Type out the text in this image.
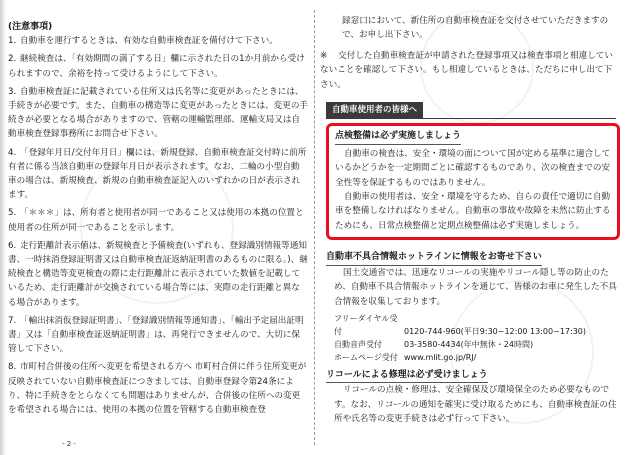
(注意事項)
1. 自動車を運行するときは、有効な自動車検査証を備付けて下さい。
2. 継続検査は、「有効期間の満了する日」欄に示された日の1か月前から受けられますので、余裕を持って受けるようにして下さい。
3. 自動車検査証に記載されている住所又は氏名等に変更があったときには、手続きが必要です。また、自動車の構造等に変更があったときには、変更の手続きが必要となる場合がありますので、管轄の運輸監理部、運輸支局又は自動車検査登録事務所にお問合せ下さい。
4. 「登録年月日/交付年月日」欄には、新規登録、自動車検査証交付時に前所有者に係る当該自動車の登録年月日が表示されます。なお、二輪の小型自動車の場合は、新規検査、新規の自動車検査証記入のいずれかの日が表示されます。
5. 「＊＊＊」は、所有者と使用者が同一であること又は使用の本拠の位置と使用者の住所が同一であることを示します。
6. 走行距離計表示値は、新規検査と予備検査(いずれも、登録識別情報等通知書、一時抹消登録証明書又は自動車検査証返納証明書のあるものに限る。)、継続検査と構造等変更検査の際に走行距離計に表示されていた数値を記載しているため、走行距離計が交換されている場合等には、実際の走行距離と異なる場合があります。
7. 「輸出抹消仮登録証明書」、「登録識別情報等通知書」、「輸出予定届出証明書」又は「自動車検査証返納証明書」は、再発行できませんので、大切に保管して下さい。
8. 市町村合併後の住所へ変更を希望される方へ 市町村合併に伴う住所変更が反映されていない自動車検査証につきましては、自動車登録令第24条により、特に手続きをとらなくても問題はありませんが、合併後の住所への変更を希望される場合には、使用の本拠の位置を管轄する自動車検査登
録窓口において、新住所の自動車検査証を交付させていただきますので、お申し出下さい。
※ 交付した自動車検査証が申請された登録事項又は検査事項と相違していないことを確認して下さい。もし相違しているときは、ただちに申し出て下さい。
自動車使用者の皆様へ
点検整備は必ず実施しましょう

自動車の検査は、安全・環境の面について国が定める基準に適合しているかどうかを一定期間ごとに確認するものであり、次の検査までの安全性等を保証するものではありません。

自動車の使用者は、安全・環境を守るため、自らの責任で適切に自動車を整備しなければなりません。自動車の事故や故障を未然に防止するためにも、日常点検整備と定期点検整備は必ず実施しましょう。

自動車不具合情報ホットラインに情報をお寄せ下さい

国土交通省では、迅速なリコールの実施やリコール隠し等の防止のため、自動車不具合情報ホットラインを通じて、皆様のお車に発生した不具合情報を収集しております。

フリーダイヤル受付	0120-744-960(平日9:30~12:00 13:00~17:30)
自動音声受付	03-3580-4434(年中無休・24時間)
ホームページ受付 www.mlit.go.jp/RJ/
リコールによる修理は必ず受けましょう

リコールの点検・修理は、安全確保及び環境保全のため必要なものです。なお、リコールの通知を確実に受け取るためにも、自動車検査証の住所や氏名等の変更手続きは必ず行って下さい。

- 2 -
